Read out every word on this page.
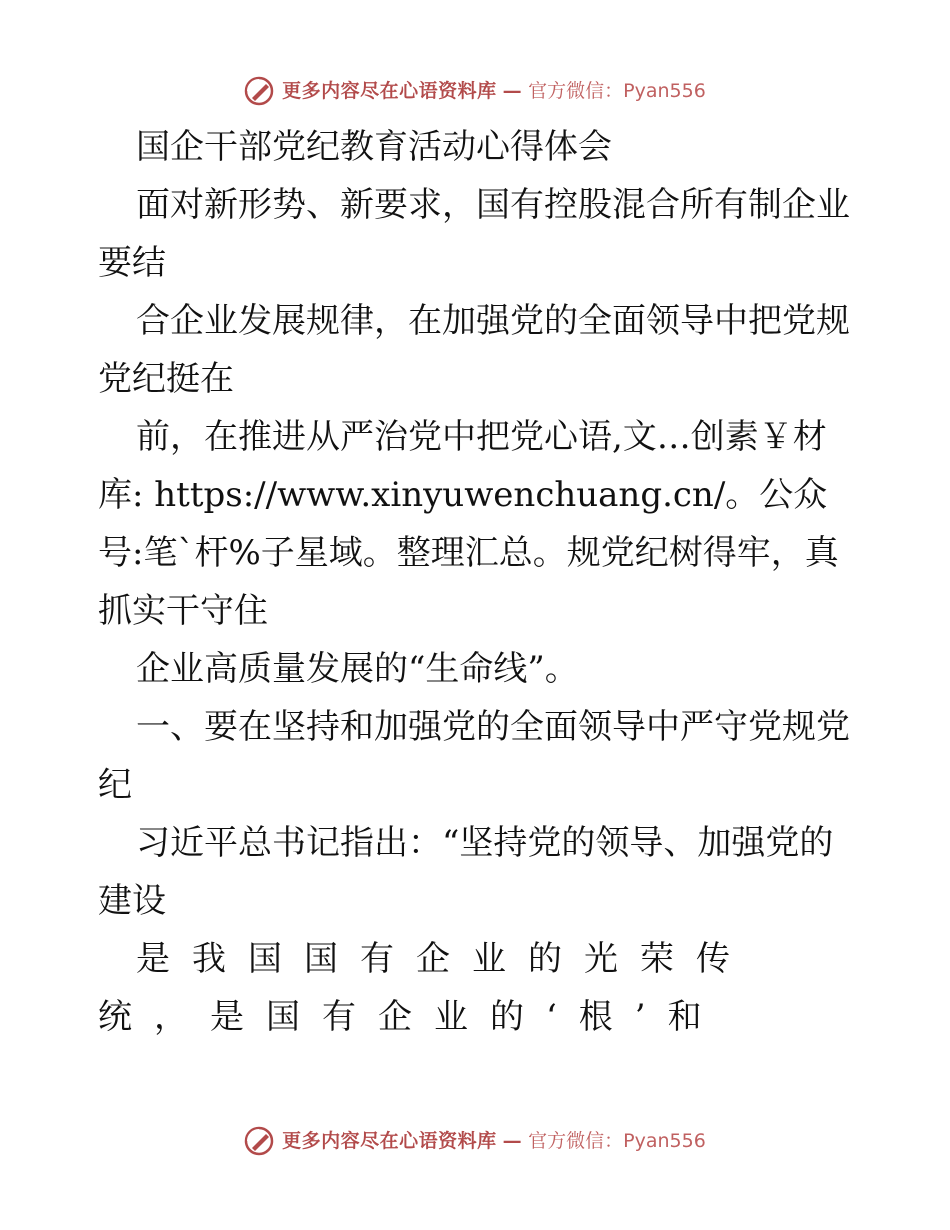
更多内容尽在心语资料库 — 官方微信：Pyan556

国企干部党纪教育活动心得体会

面对新形势、新要求，国有控股混合所有制企业要结

合企业发展规律，在加强党的全面领导中把党规党纪挺在

前，在推进从严治党中把党心语,文…创素￥材库: https://www.xinyuwenchuang.cn/。公众号:笔`杆%子星域。整理汇总。规党纪树得牢，真抓实干守住

企业高质量发展的“生命线”。

一、要在坚持和加强党的全面领导中严守党规党纪

习近平总书记指出：“坚持党的领导、加强党的建设

是我国国有企业的光荣传统，是国有企业的‘根’和

更多内容尽在心语资料库 — 官方微信：Pyan556
